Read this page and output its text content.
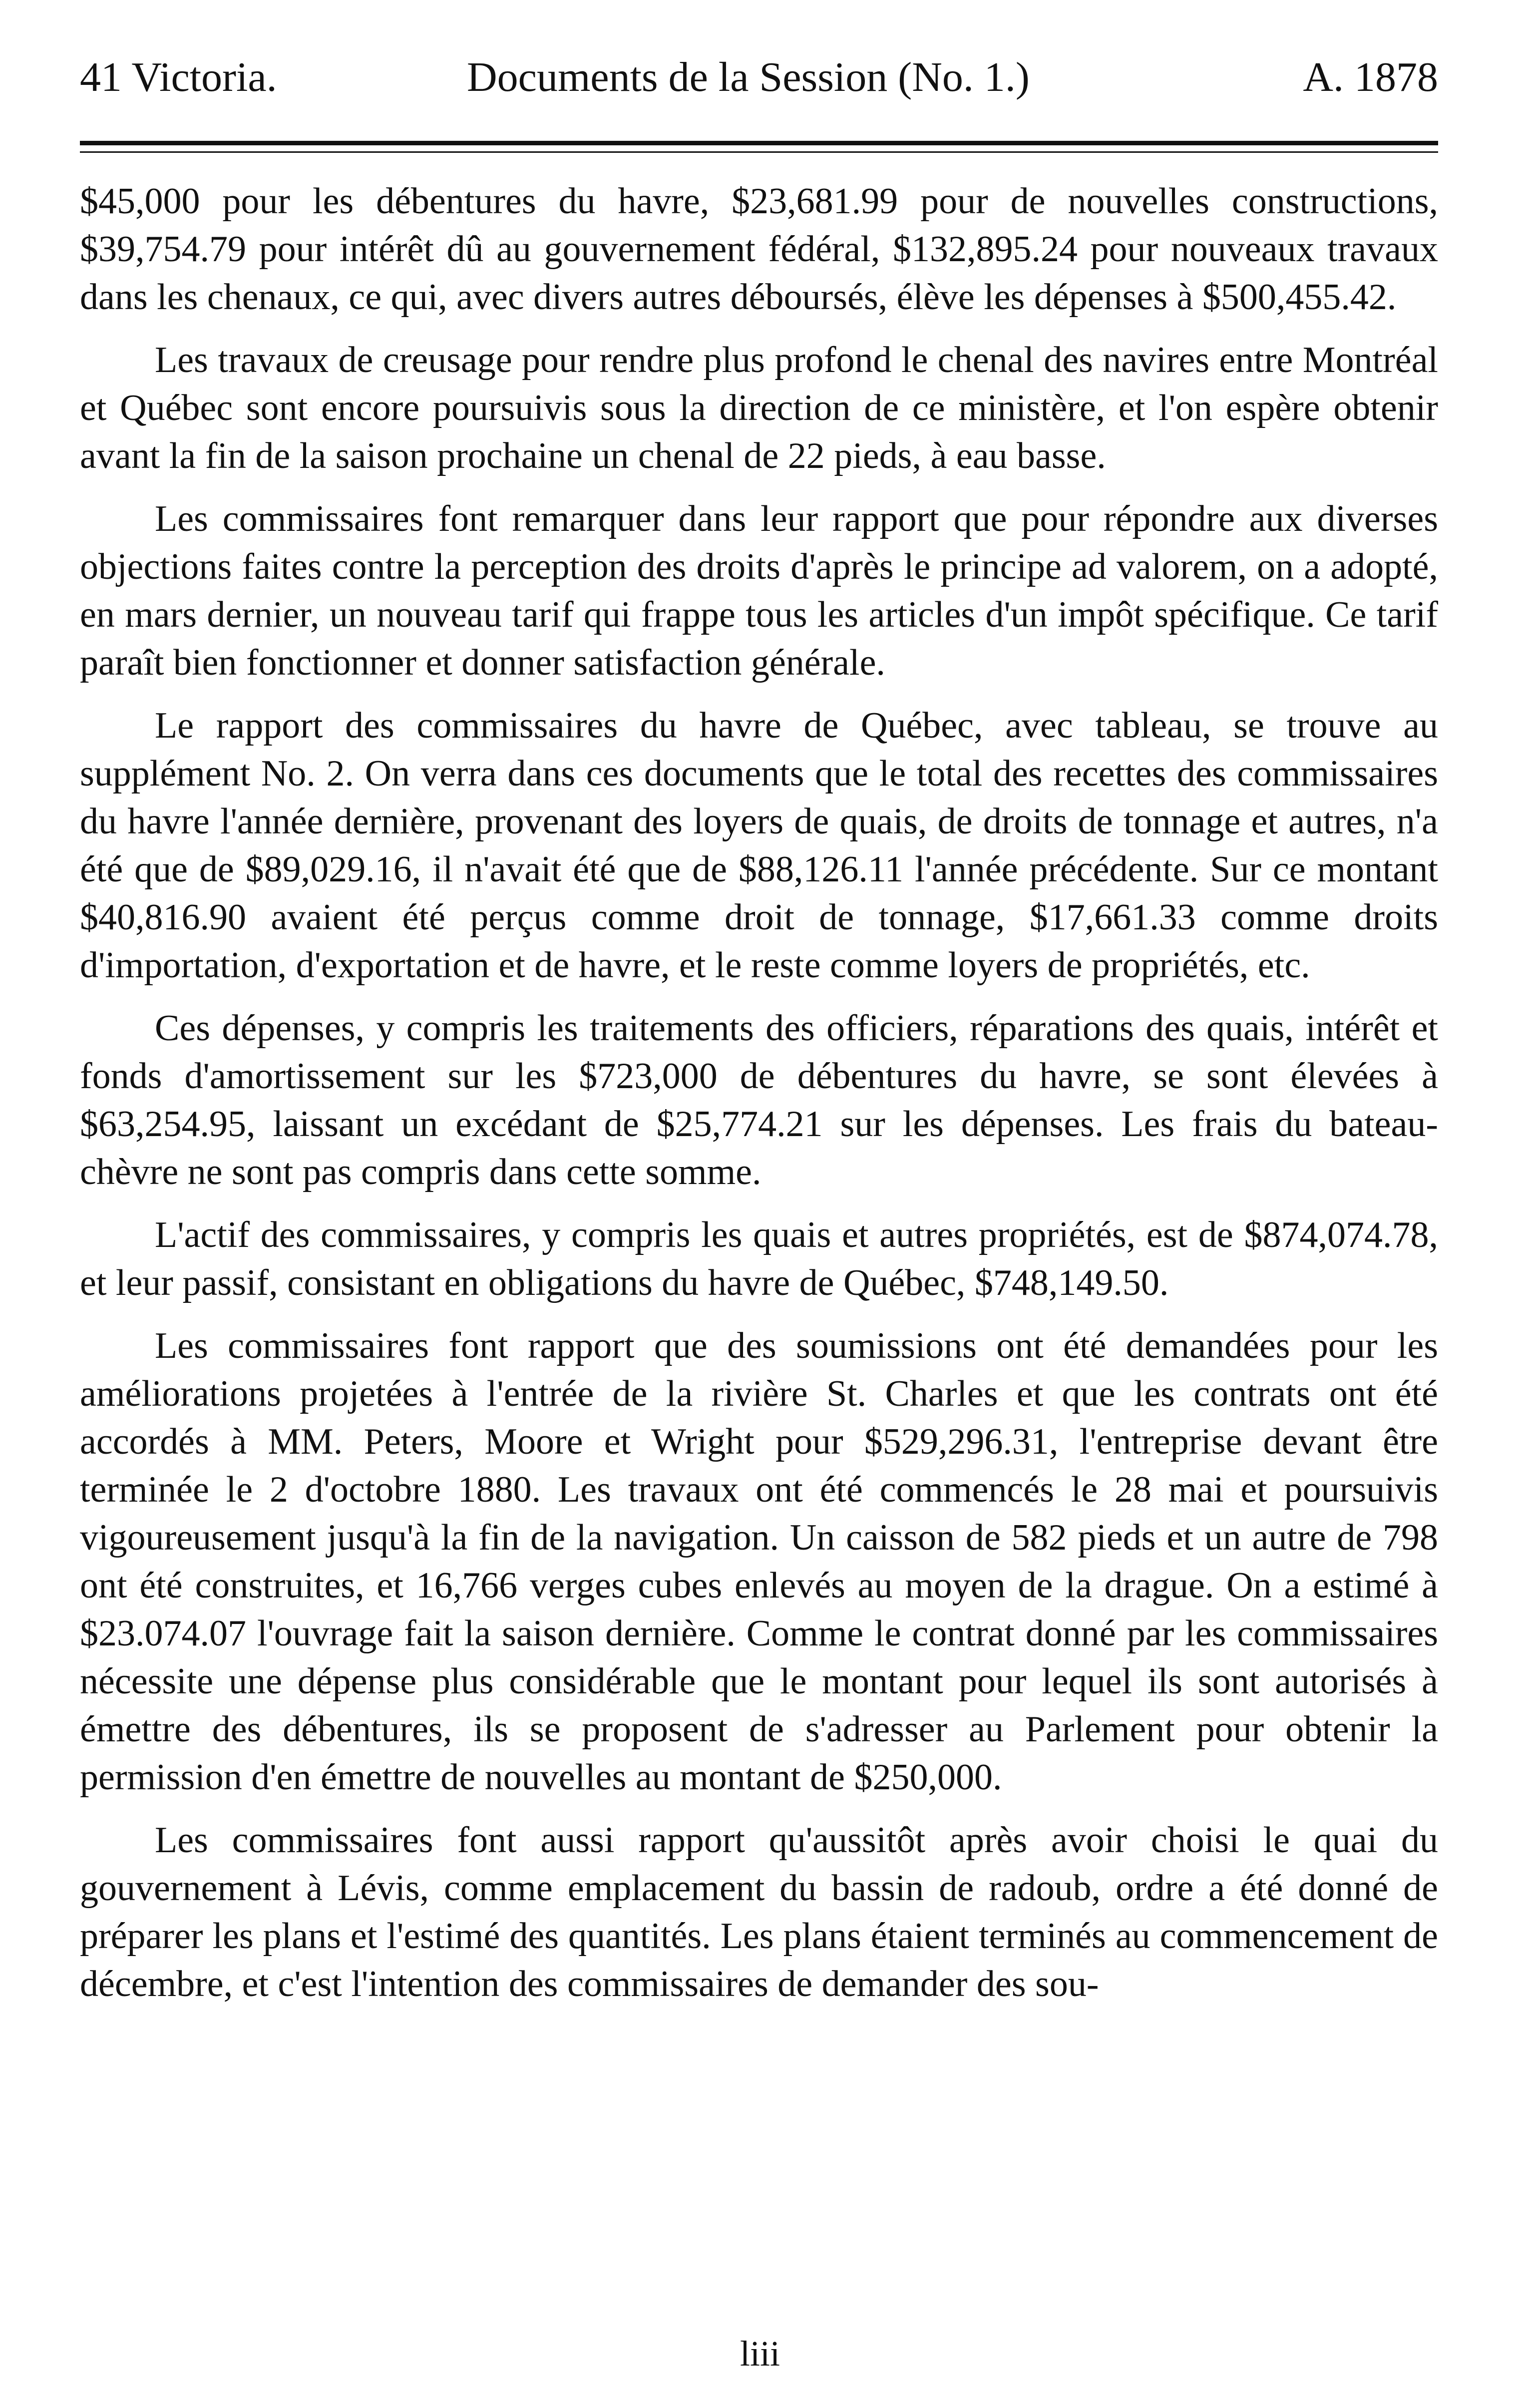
41 Victoria.	Documents de la Session (No. 1.)	A. 1878

$45,000 pour les débentures du havre, $23,681.99 pour de nouvelles constructions, $39,754.79 pour intérêt dû au gouvernement fédéral, $132,895.24 pour nouveaux travaux dans les chenaux, ce qui, avec divers autres déboursés, élève les dépenses à $500,455.42.

Les travaux de creusage pour rendre plus profond le chenal des navires entre Montréal et Québec sont encore poursuivis sous la direction de ce ministère, et l'on espère obtenir avant la fin de la saison prochaine un chenal de 22 pieds, à eau basse.

Les commissaires font remarquer dans leur rapport que pour répondre aux diverses objections faites contre la perception des droits d'après le principe ad valorem, on a adopté, en mars dernier, un nouveau tarif qui frappe tous les articles d'un impôt spécifique. Ce tarif paraît bien fonctionner et donner satisfaction générale.

Le rapport des commissaires du havre de Québec, avec tableau, se trouve au supplément No. 2. On verra dans ces documents que le total des recettes des commissaires du havre l'année dernière, provenant des loyers de quais, de droits de tonnage et autres, n'a été que de $89,029.16, il n'avait été que de $88,126.11 l'année précédente. Sur ce montant $40,816.90 avaient été perçus comme droit de tonnage, $17,661.33 comme droits d'importation, d'exportation et de havre, et le reste comme loyers de propriétés, etc.

Ces dépenses, y compris les traitements des officiers, réparations des quais, intérêt et fonds d'amortissement sur les $723,000 de débentures du havre, se sont élevées à $63,254.95, laissant un excédant de $25,774.21 sur les dépenses. Les frais du bateau-chèvre ne sont pas compris dans cette somme.

L'actif des commissaires, y compris les quais et autres propriétés, est de $874,074.78, et leur passif, consistant en obligations du havre de Québec, $748,149.50.

Les commissaires font rapport que des soumissions ont été demandées pour les améliorations projetées à l'entrée de la rivière St. Charles et que les contrats ont été accordés à MM. Peters, Moore et Wright pour $529,296.31, l'entreprise devant être terminée le 2 d'octobre 1880. Les travaux ont été commencés le 28 mai et poursuivis vigoureusement jusqu'à la fin de la navigation. Un caisson de 582 pieds et un autre de 798 ont été construites, et 16,766 verges cubes enlevés au moyen de la drague. On a estimé à $23.074.07 l'ouvrage fait la saison dernière. Comme le contrat donné par les commissaires nécessite une dépense plus considérable que le montant pour lequel ils sont autorisés à émettre des débentures, ils se proposent de s'adresser au Parlement pour obtenir la permission d'en émettre de nouvelles au montant de $250,000.

Les commissaires font aussi rapport qu'aussitôt après avoir choisi le quai du gouvernement à Lévis, comme emplacement du bassin de radoub, ordre a été donné de préparer les plans et l'estimé des quantités. Les plans étaient terminés au commencement de décembre, et c'est l'intention des commissaires de demander des sou-

liii
